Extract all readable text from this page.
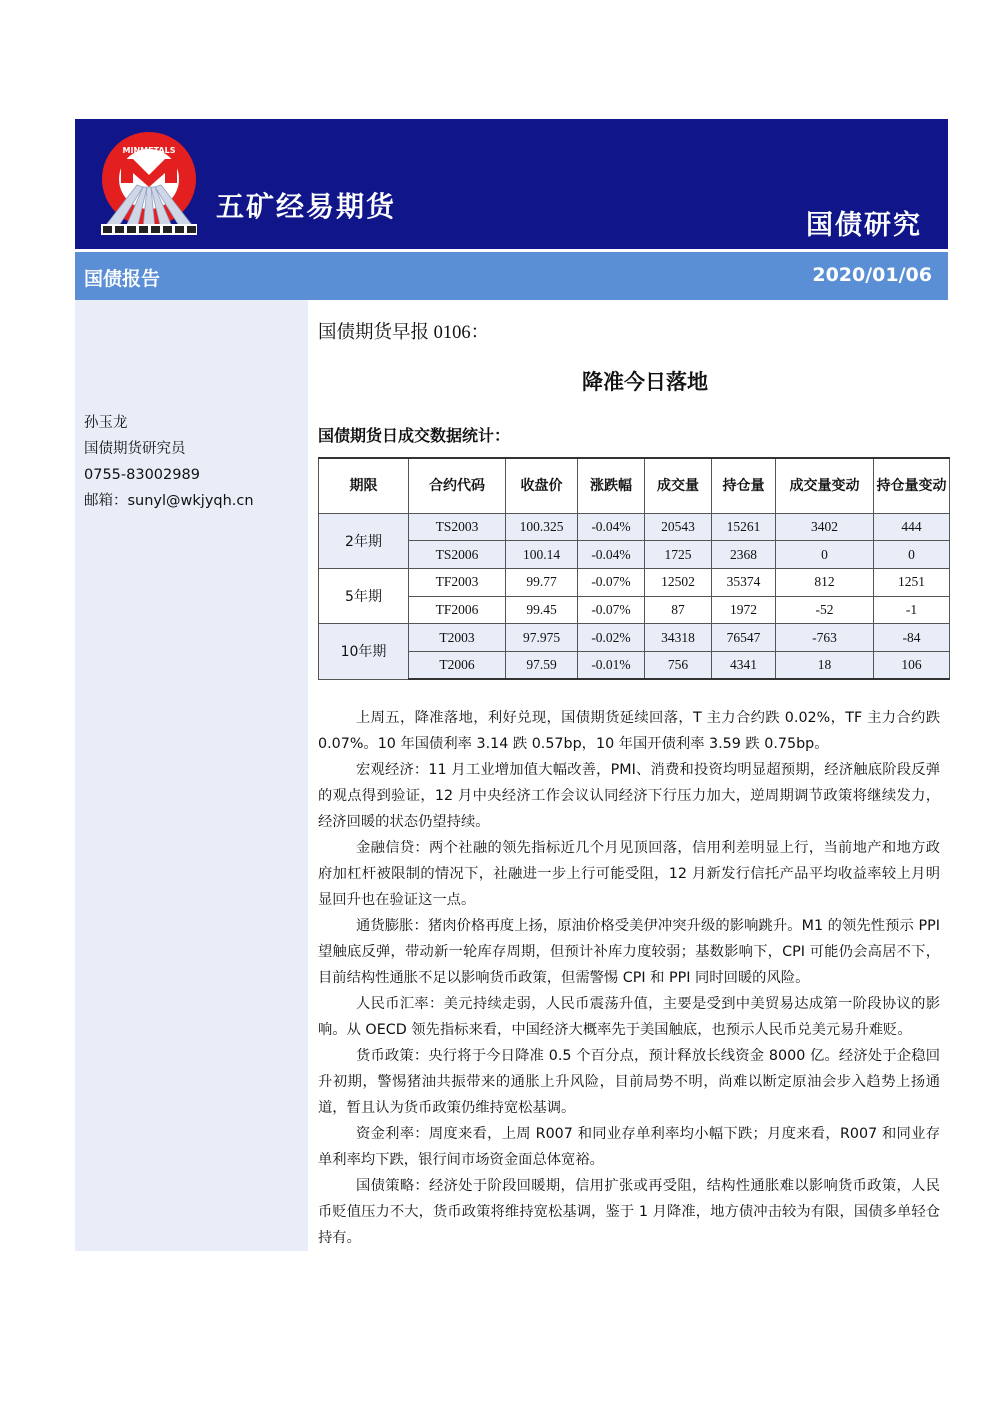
MINMETALS
五矿经易期货
国债研究
国债报告	2020/01/06
孙玉龙
国债期货研究员
0755-83002989
邮箱：sunyl@wkjyqh.cn
国债期货早报 0106：
降准今日落地
国债期货日成交数据统计：
期限	合约代码	收盘价	涨跌幅	成交量	持仓量	成交量变动	持仓量变动
2年期	TS2003	100.325	-0.04%	20543	15261	3402	444
	TS2006	100.14	-0.04%	1725	2368	0	0
5年期	TF2003	99.77	-0.07%	12502	35374	812	1251
	TF2006	99.45	-0.07%	87	1972	-52	-1
10年期	T2003	97.975	-0.02%	34318	76547	-763	-84
	T2006	97.59	-0.01%	756	4341	18	106

上周五，降准落地，利好兑现，国债期货延续回落，T 主力合约跌 0.02%，TF 主力合约跌 0.07%。10 年国债利率 3.14 跌 0.57bp，10 年国开债利率 3.59 跌 0.75bp。

宏观经济：11 月工业增加值大幅改善，PMI、消费和投资均明显超预期，经济触底阶段反弹的观点得到验证，12 月中央经济工作会议认同经济下行压力加大，逆周期调节政策将继续发力，经济回暖的状态仍望持续。

金融信贷：两个社融的领先指标近几个月见顶回落，信用利差明显上行，当前地产和地方政府加杠杆被限制的情况下，社融进一步上行可能受阻，12 月新发行信托产品平均收益率较上月明显回升也在验证这一点。

通货膨胀：猪肉价格再度上扬，原油价格受美伊冲突升级的影响跳升。M1 的领先性预示 PPI 望触底反弹，带动新一轮库存周期，但预计补库力度较弱；基数影响下，CPI 可能仍会高居不下，目前结构性通胀不足以影响货币政策，但需警惕 CPI 和 PPI 同时回暖的风险。

人民币汇率：美元持续走弱，人民币震荡升值，主要是受到中美贸易达成第一阶段协议的影响。从 OECD 领先指标来看，中国经济大概率先于美国触底，也预示人民币兑美元易升难贬。

货币政策：央行将于今日降准 0.5 个百分点，预计释放长线资金 8000 亿。经济处于企稳回升初期，警惕猪油共振带来的通胀上升风险，目前局势不明，尚难以断定原油会步入趋势上扬通道，暂且认为货币政策仍维持宽松基调。

资金利率：周度来看，上周 R007 和同业存单利率均小幅下跌；月度来看，R007 和同业存单利率均下跌，银行间市场资金面总体宽裕。

国债策略：经济处于阶段回暖期，信用扩张或再受阻，结构性通胀难以影响货币政策，人民币贬值压力不大，货币政策将维持宽松基调，鉴于 1 月降准，地方债冲击较为有限，国债多单轻仓持有。
